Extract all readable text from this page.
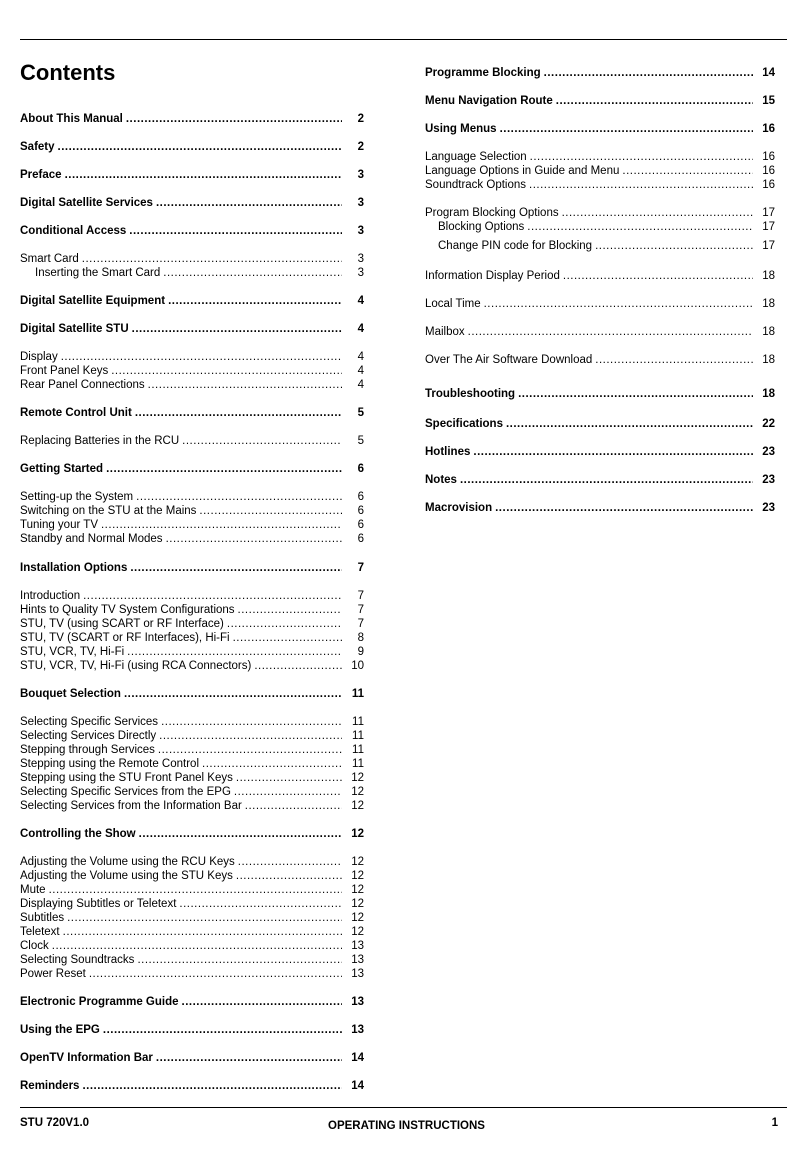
Contents
About This Manual .....	2
Safety .....	2
Preface .....	3
Digital Satellite Services .....	3
Conditional Access .....	3
Smart Card .....	3
Inserting the Smart Card .....	3
Digital Satellite Equipment .....	4
Digital Satellite STU .....	4
Display .....	4
Front Panel Keys .....	4
Rear Panel Connections .....	4
Remote Control Unit .....	5
Replacing Batteries in the RCU .....	5
Getting Started .....	6
Setting-up the System .....	6
Switching on the STU at the Mains .....	6
Tuning your TV .....	6
Standby and Normal Modes .....	6
Installation Options .....	7
Introduction .....	7
Hints to Quality TV System Configurations .....	7
STU, TV (using SCART or RF Interface) .....	7
STU, TV (SCART or RF Interfaces), Hi-Fi .....	8
STU, VCR, TV, Hi-Fi .....	9
STU, VCR, TV, Hi-Fi (using RCA Connectors) .....	10
Bouquet Selection .....	11
Selecting Specific Services .....	11
Selecting Services Directly .....	11
Stepping through Services .....	11
Stepping using the Remote Control .....	11
Stepping using the STU Front Panel Keys .....	12
Selecting Specific Services from the EPG .....	12
Selecting Services from the Information Bar .....	12
Controlling the Show .....	12
Adjusting the Volume using the RCU Keys .....	12
Adjusting the Volume using the STU Keys .....	12
Mute .....	12
Displaying Subtitles or Teletext .....	12
Subtitles .....	12
Teletext .....	12
Clock .....	13
Selecting Soundtracks .....	13
Power Reset .....	13
Electronic Programme Guide .....	13
Using the EPG .....	13
OpenTV Information Bar .....	14
Reminders .....	14
Programme Blocking .....	14
Menu Navigation Route .....	15
Using Menus .....	16
Language Selection .....	16
Language Options in Guide and Menu .....	16
Soundtrack Options .....	16
Program Blocking Options .....	17
Blocking Options .....	17
Change PIN code for Blocking .....	17
Information Display Period .....	18
Local Time .....	18
Mailbox .....	18
Over The Air Software Download .....	18
Troubleshooting .....	18
Specifications .....	22
Hotlines .....	23
Notes .....	23
Macrovision .....	23
STU 720V1.0	OPERATING INSTRUCTIONS	1
